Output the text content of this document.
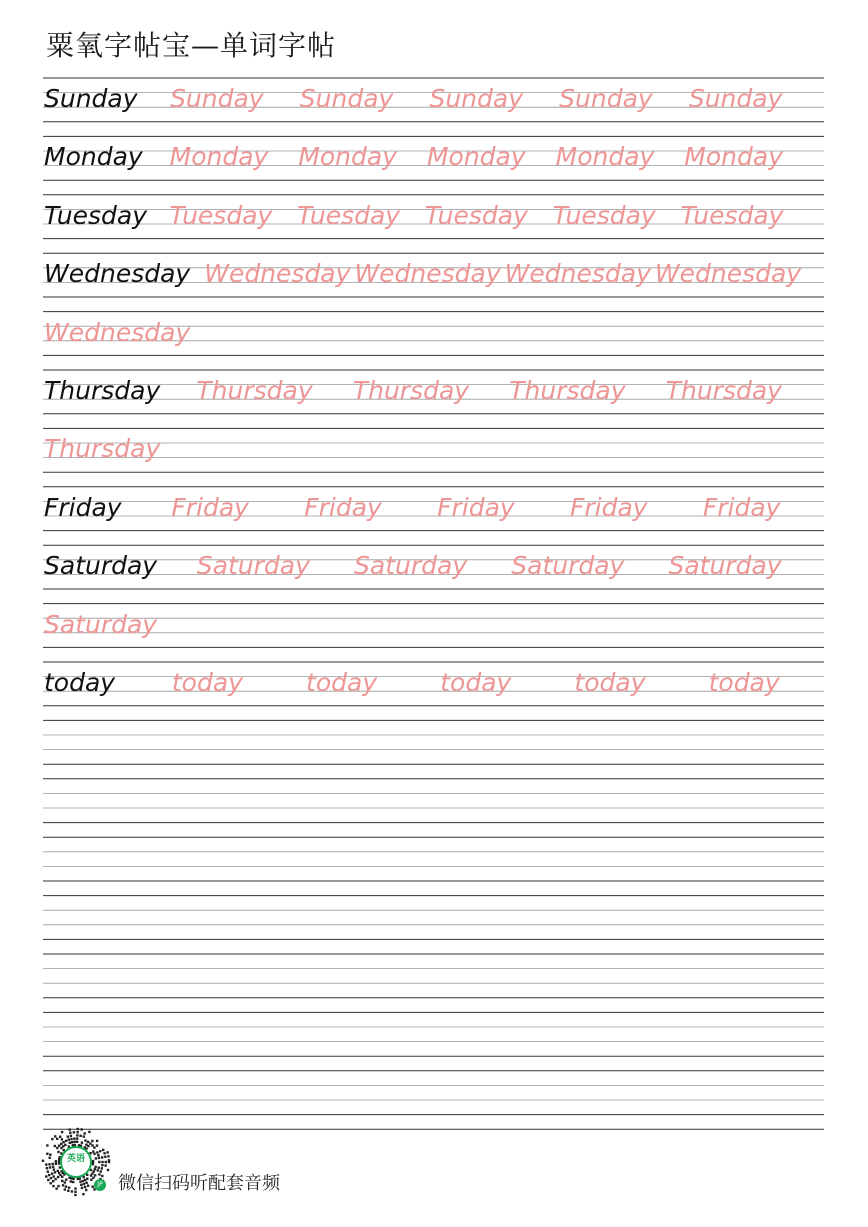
粟氧字帖宝—单词字帖
Sunday Sunday Sunday Sunday Sunday Sunday
Monday Monday Monday Monday Monday Monday
Tuesday Tuesday Tuesday Tuesday Tuesday Tuesday
Wednesday Wednesday Wednesday Wednesday Wednesday
Wednesday
Thursday Thursday Thursday Thursday Thursday
Thursday
Friday Friday Friday Friday Friday Friday
Saturday Saturday Saturday Saturday Saturday
Saturday
today today	today	today	today	today
英语
JP 微信扫码听配套音频
